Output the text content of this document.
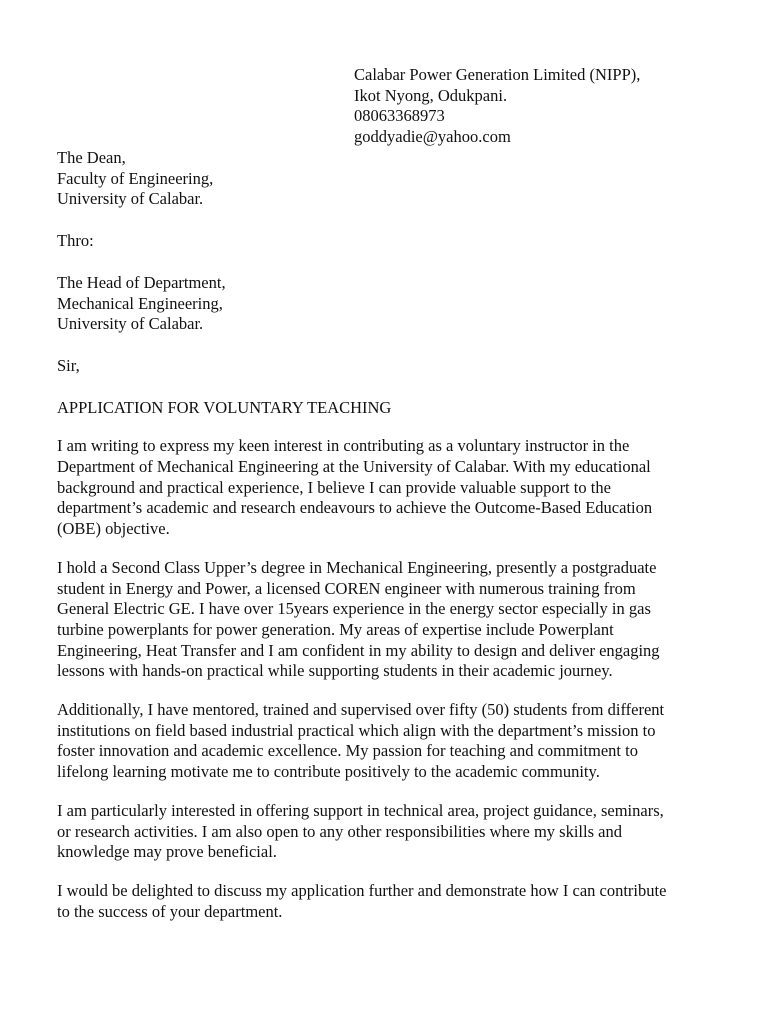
Calabar Power Generation Limited (NIPP),
Ikot Nyong, Odukpani.
08063368973
goddyadie@yahoo.com
The Dean,
Faculty of Engineering,
University of Calabar.
Thro:
The Head of Department,
Mechanical Engineering,
University of Calabar.
Sir,
APPLICATION FOR VOLUNTARY TEACHING
I am writing to express my keen interest in contributing as a voluntary instructor in the
Department of Mechanical Engineering at the University of Calabar. With my educational
background and practical experience, I believe I can provide valuable support to the
department’s academic and research endeavours to achieve the Outcome-Based Education
(OBE) objective.
I hold a Second Class Upper’s degree in Mechanical Engineering, presently a postgraduate
student in Energy and Power, a licensed COREN engineer with numerous training from
General Electric GE. I have over 15years experience in the energy sector especially in gas
turbine powerplants for power generation. My areas of expertise include Powerplant
Engineering, Heat Transfer and I am confident in my ability to design and deliver engaging
lessons with hands-on practical while supporting students in their academic journey.
Additionally, I have mentored, trained and supervised over fifty (50) students from different
institutions on field based industrial practical which align with the department’s mission to
foster innovation and academic excellence. My passion for teaching and commitment to
lifelong learning motivate me to contribute positively to the academic community.
I am particularly interested in offering support in technical area, project guidance, seminars,
or research activities. I am also open to any other responsibilities where my skills and
knowledge may prove beneficial.
I would be delighted to discuss my application further and demonstrate how I can contribute
to the success of your department.
